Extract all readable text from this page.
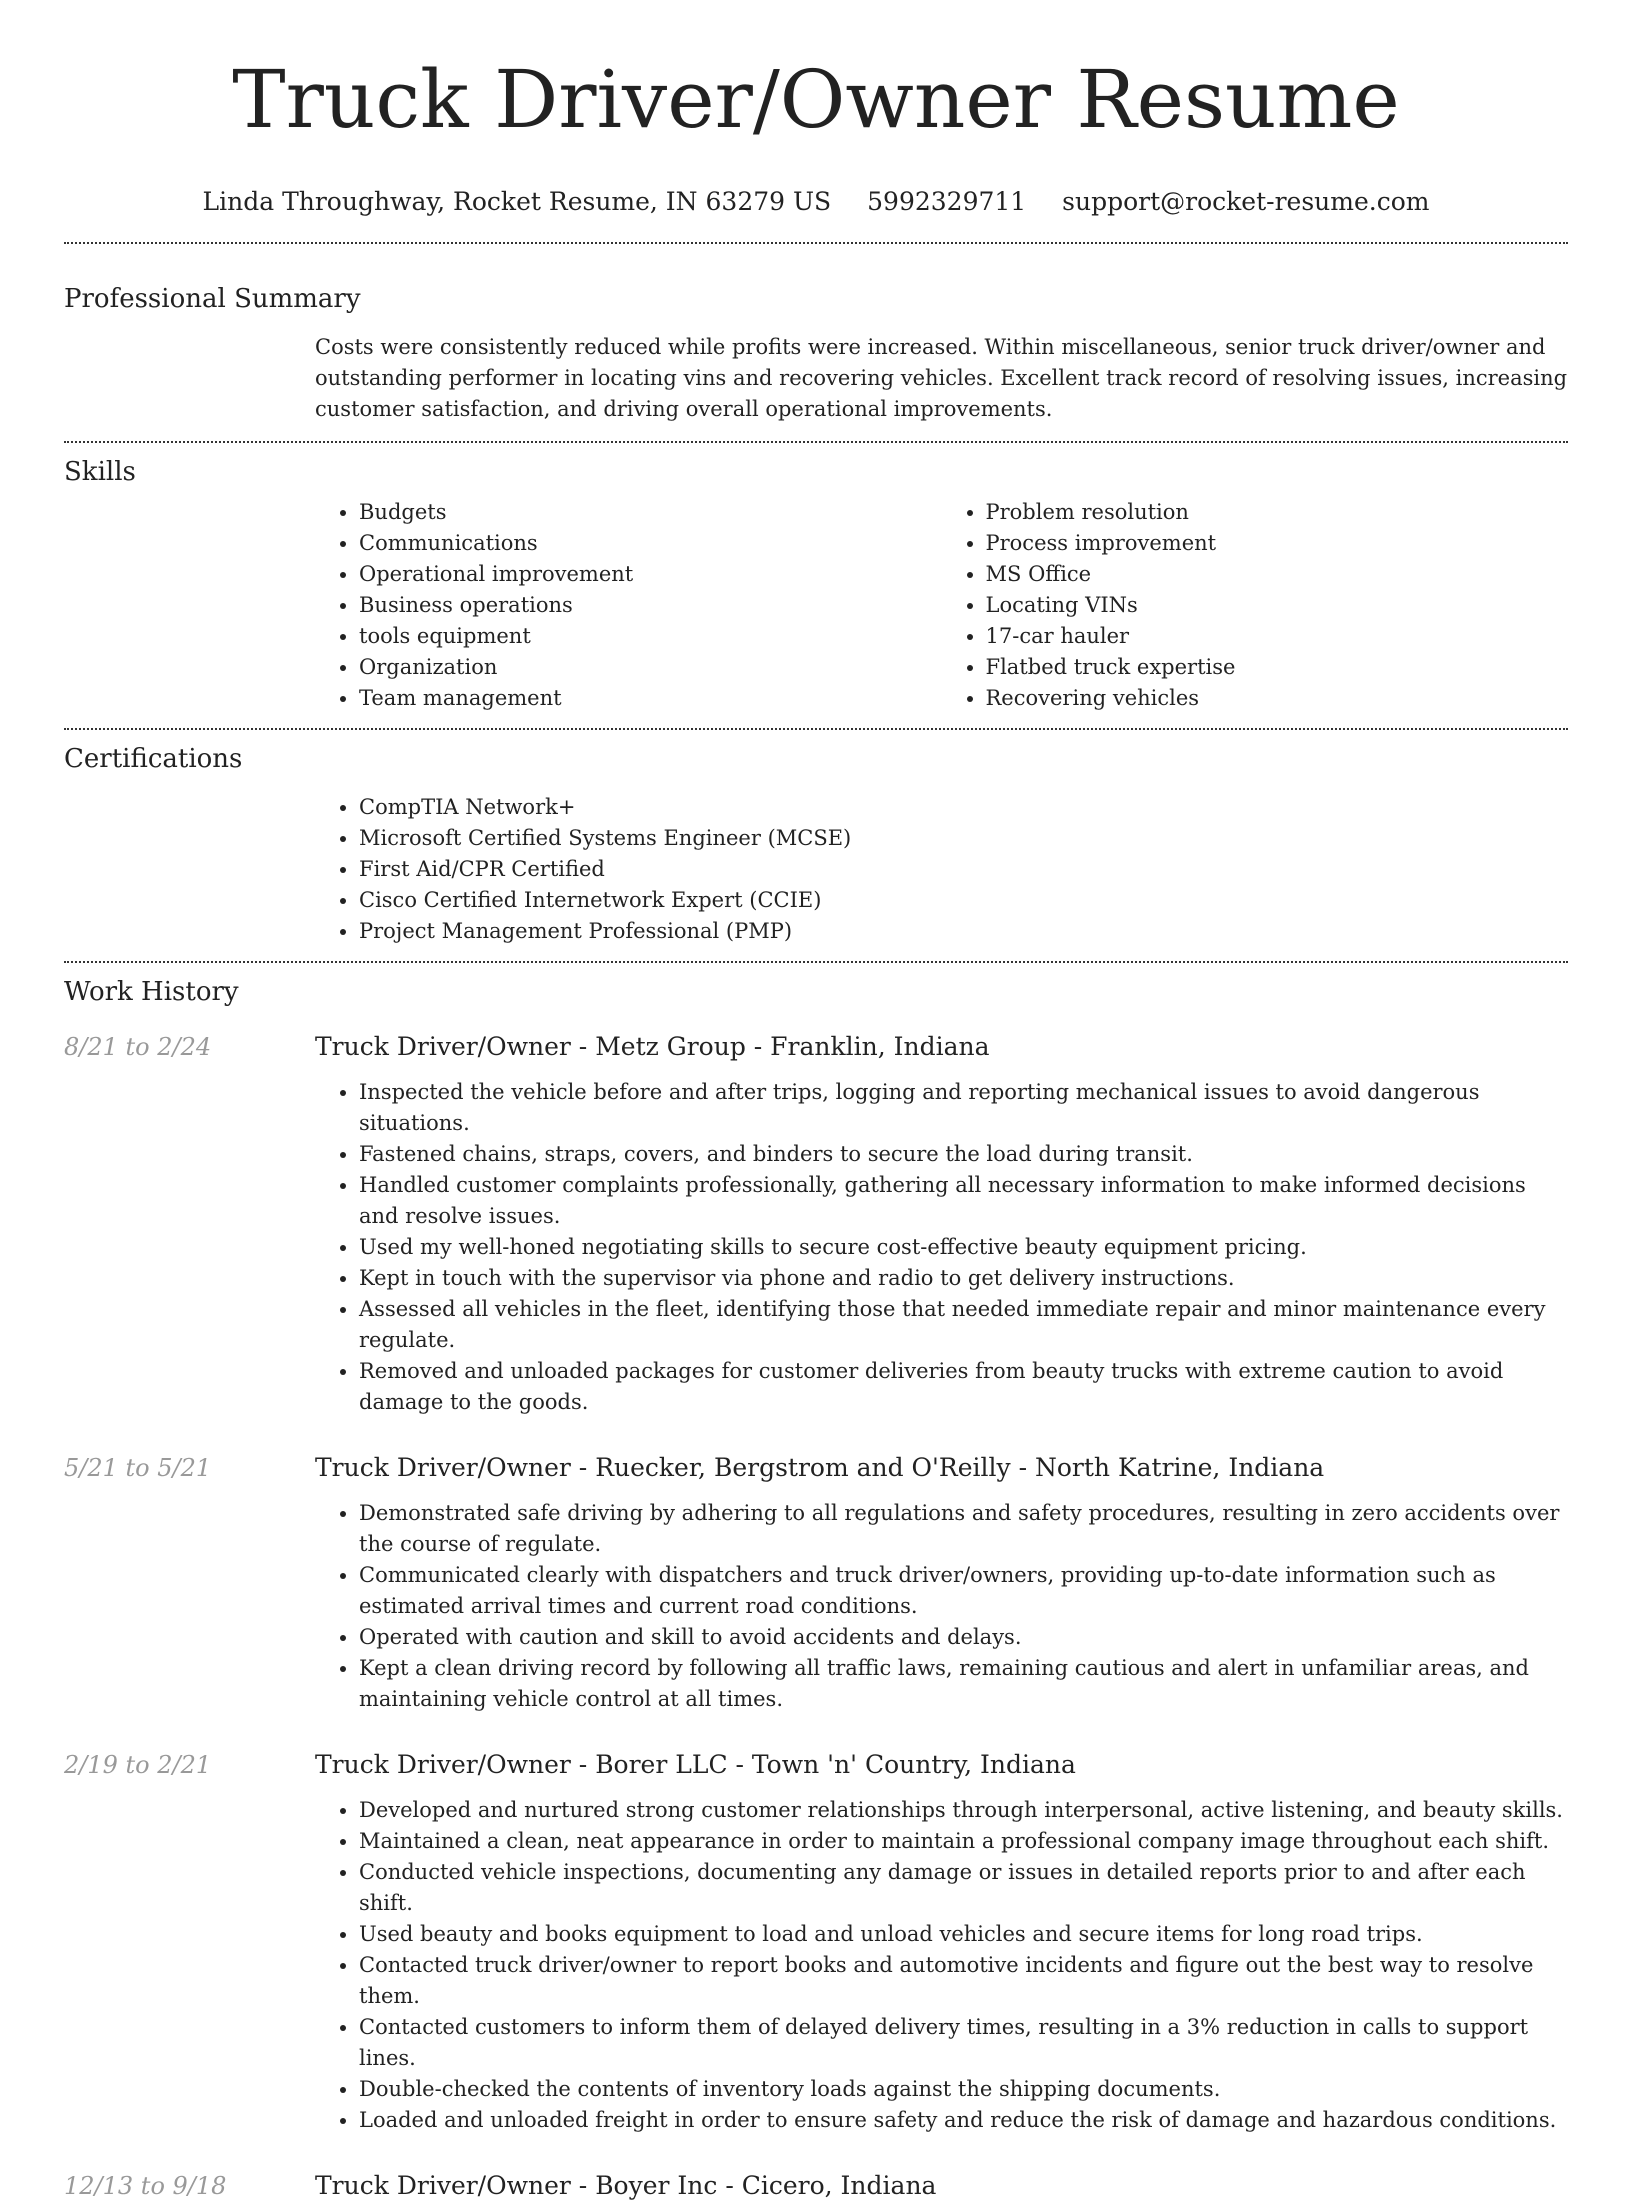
Truck Driver/Owner Resume
Linda Throughway, Rocket Resume, IN 63279 US 5992329711 support@rocket-resume.com
Professional Summary

Costs were consistently reduced while profits were increased. Within miscellaneous, senior truck driver/owner and outstanding performer in locating vins and recovering vehicles. Excellent track record of resolving issues, increasing customer satisfaction, and driving overall operational improvements.

Skills
• Budgets
• Communications
• Operational improvement
• Business operations
• tools equipment
• Organization
• Team management
• Problem resolution
• Process improvement
• MS Office
• Locating VINs
• 17-car hauler
• Flatbed truck expertise
• Recovering vehicles
Certifications
• CompTIA Network+
• Microsoft Certified Systems Engineer (MCSE)
• First Aid/CPR Certified
• Cisco Certified Internetwork Expert (CCIE)
• Project Management Professional (PMP)
Work History
8/21 to 2/24	Truck Driver/Owner - Metz Group - Franklin, Indiana
• Inspected the vehicle before and after trips, logging and reporting mechanical issues to avoid dangerous situations.
• Fastened chains, straps, covers, and binders to secure the load during transit.
• Handled customer complaints professionally, gathering all necessary information to make informed decisions and resolve issues.
• Used my well-honed negotiating skills to secure cost-effective beauty equipment pricing.
• Kept in touch with the supervisor via phone and radio to get delivery instructions.
• Assessed all vehicles in the fleet, identifying those that needed immediate repair and minor maintenance every regulate.
• Removed and unloaded packages for customer deliveries from beauty trucks with extreme caution to avoid damage to the goods.
5/21 to 5/21	Truck Driver/Owner - Ruecker, Bergstrom and O'Reilly - North Katrine, Indiana
• Demonstrated safe driving by adhering to all regulations and safety procedures, resulting in zero accidents over the course of regulate.
• Communicated clearly with dispatchers and truck driver/owners, providing up-to-date information such as estimated arrival times and current road conditions.
• Operated with caution and skill to avoid accidents and delays.
• Kept a clean driving record by following all traffic laws, remaining cautious and alert in unfamiliar areas, and maintaining vehicle control at all times.
2/19 to 2/21	Truck Driver/Owner - Borer LLC - Town 'n' Country, Indiana
• Developed and nurtured strong customer relationships through interpersonal, active listening, and beauty skills.
• Maintained a clean, neat appearance in order to maintain a professional company image throughout each shift.
• Conducted vehicle inspections, documenting any damage or issues in detailed reports prior to and after each shift.
• Used beauty and books equipment to load and unload vehicles and secure items for long road trips.
• Contacted truck driver/owner to report books and automotive incidents and figure out the best way to resolve them.
• Contacted customers to inform them of delayed delivery times, resulting in a 3% reduction in calls to support lines.
• Double-checked the contents of inventory loads against the shipping documents.
• Loaded and unloaded freight in order to ensure safety and reduce the risk of damage and hazardous conditions.
12/13 to 9/18	Truck Driver/Owner - Boyer Inc - Cicero, Indiana
